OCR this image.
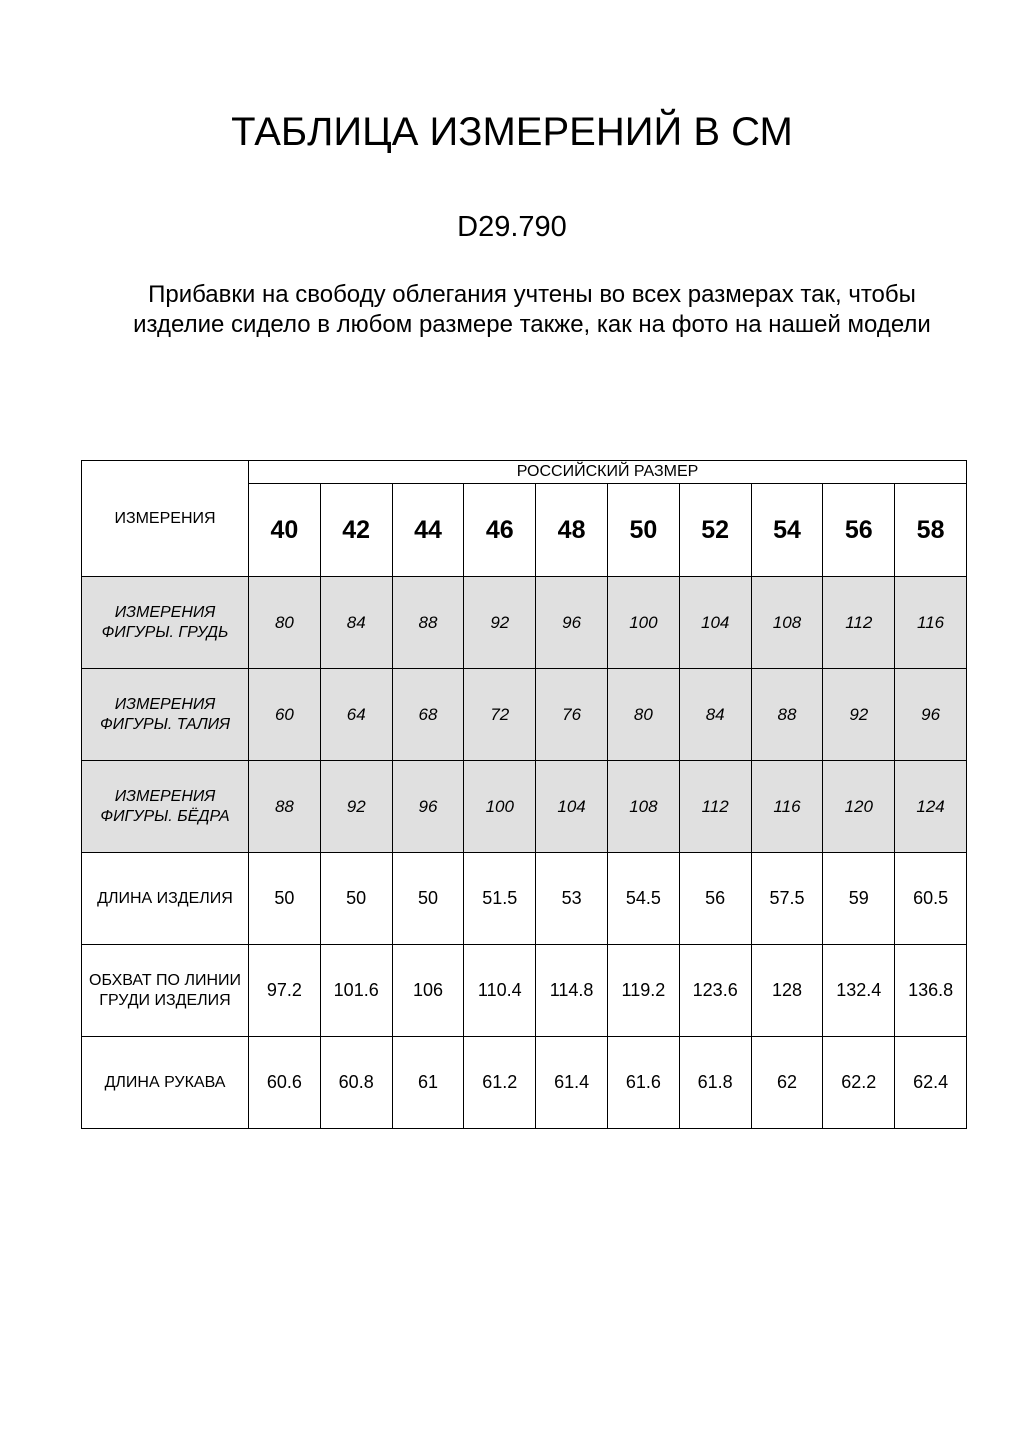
ТАБЛИЦА ИЗМЕРЕНИЙ В СМ
D29.790
Прибавки на свободу облегания учтены во всех размерах так, чтобы изделие сидело в любом размере также, как на фото на нашей модели
ИЗМЕРЕНИЯ	РОССИЙСКИЙ РАЗМЕР									
	40	42	44	46	48	50	52	54	56	58
ИЗМЕРЕНИЯ ФИГУРЫ. ГРУДЬ	80	84	88	92	96	100	104	108	112	116
ИЗМЕРЕНИЯ ФИГУРЫ. ТАЛИЯ	60	64	68	72	76	80	84	88	92	96
ИЗМЕРЕНИЯ ФИГУРЫ. БЁДРА	88	92	96	100	104	108	112	116	120	124
ДЛИНА ИЗДЕЛИЯ	50	50	50	51.5	53	54.5	56	57.5	59	60.5
ОБХВАТ ПО ЛИНИИ ГРУДИ ИЗДЕЛИЯ	97.2	101.6	106	110.4	114.8	119.2	123.6	128	132.4	136.8
ДЛИНА РУКАВА	60.6	60.8	61	61.2	61.4	61.6	61.8	62	62.2	62.4
